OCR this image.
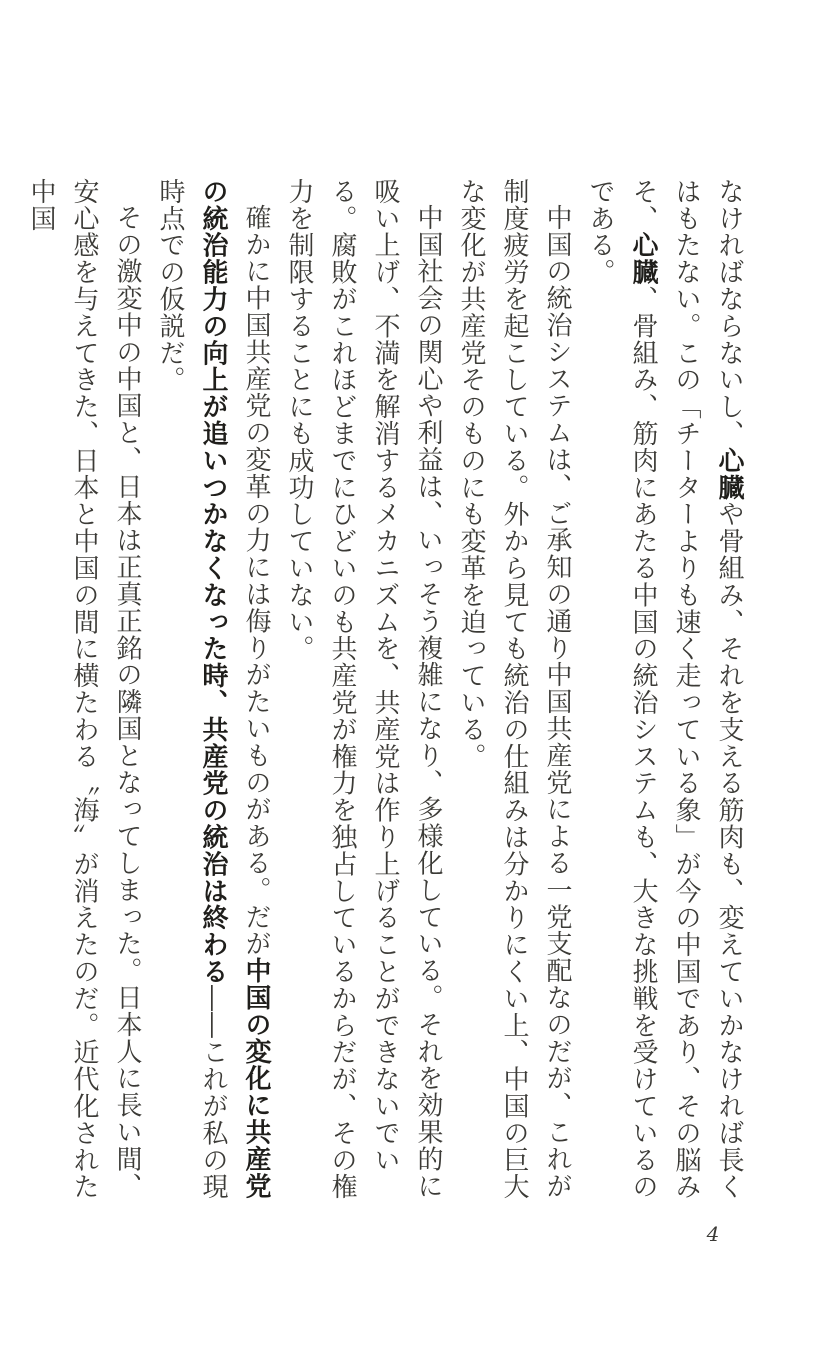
なければならないし、心臓や骨組み、それを支える筋肉も、変えていかなければ長くはもたない。この「チーターよりも速く走っている象」が今の中国であり、その脳みそ、心臓、骨組み、筋肉にあたる中国の統治システムも、大きな挑戦を受けているのである。

中国の統治システムは、ご承知の通り中国共産党による一党支配なのだが、これが制度疲労を起こしている。外から見ても統治の仕組みは分かりにくい上、中国の巨大な変化が共産党そのものにも変革を迫っている。

中国社会の関心や利益は、いっそう複雑になり、多様化している。それを効果的に吸い上げ、不満を解消するメカニズムを、共産党は作り上げることができないでいる。腐敗がこれほどまでにひどいのも共産党が権力を独占しているからだが、その権力を制限することにも成功していない。

確かに中国共産党の変革の力には侮りがたいものがある。だが中国の変化に共産党の統治能力の向上が追いつかなくなった時、共産党の統治は終わる――これが私の現時点での仮説だ。

その激変中の中国と、日本は正真正銘の隣国となってしまった。日本人に長い間、安心感を与えてきた、日本と中国の間に横たわる〝海〟が消えたのだ。近代化された中国

4
